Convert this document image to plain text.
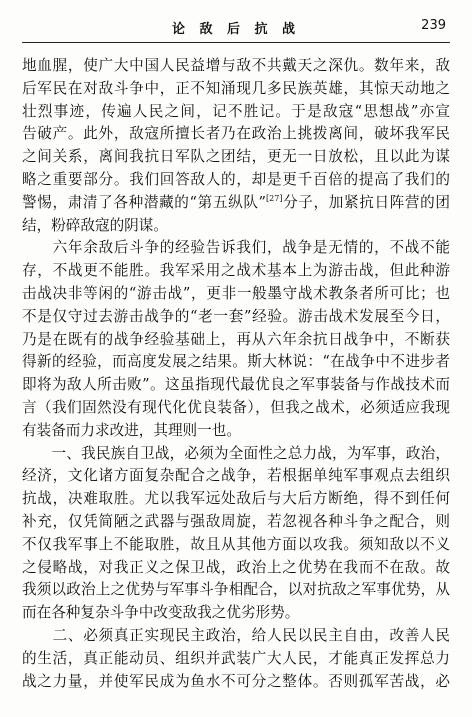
论 敌 后 抗 战	239
地血腥，使广大中国人民益增与敌不共戴天之深仇。数年来，敌
后军民在对敌斗争中，正不知涌现几多民族英雄，其惊天动地之
壮烈事迹，传遍人民之间，记不胜记。于是敌寇“思想战”亦宣
告破产。此外，敌寇所擅长者乃在政治上挑拨离间，破坏我军民
之间关系，离间我抗日军队之团结，更无一日放松，且以此为谋
略之重要部分。我们回答敌人的，却是更千百倍的提高了我们的
警惕，肃清了各种潜藏的“第五纵队”[27]分子，加紧抗日阵营的团
结，粉碎敌寇的阴谋。
　　六年余敌后斗争的经验告诉我们，战争是无情的，不战不能
存，不战更不能胜。我军采用之战术基本上为游击战，但此种游
击战决非等闲的“游击战”，更非一般墨守战术教条者所可比；也
不是仅守过去游击战争的“老一套”经验。游击战术发展至今日，
乃是在既有的战争经验基础上，再从六年余抗日战争中，不断获
得新的经验，而高度发展之结果。斯大林说：“在战争中不进步者
即将为敌人所击败”。这虽指现代最优良之军事装备与作战技术而
言（我们固然没有现代化优良装备），但我之战术，必须适应我现
有装备而力求改进，其理则一也。
　　一、我民族自卫战，必须为全面性之总力战，为军事，政治，
经济，文化诸方面复杂配合之战争，若根据单纯军事观点去组织
抗战，决难取胜。尤以我军远处敌后与大后方断绝，得不到任何
补充，仅凭简陋之武器与强敌周旋，若忽视各种斗争之配合，则
不仅我军事上不能取胜，故且从其他方面以攻我。须知敌以不义
之侵略战，对我正义之保卫战，政治上之优势在我而不在敌。故
我须以政治上之优势与军事斗争相配合，以对抗敌之军事优势，从
而在各种复杂斗争中改变敌我之优劣形势。
　　二、必须真正实现民主政治，给人民以民主自由，改善人民
的生活，真正能动员、组织并武装广大人民，才能真正发挥总力
战之力量，并使军民成为鱼水不可分之整体。否则孤军苦战，必
